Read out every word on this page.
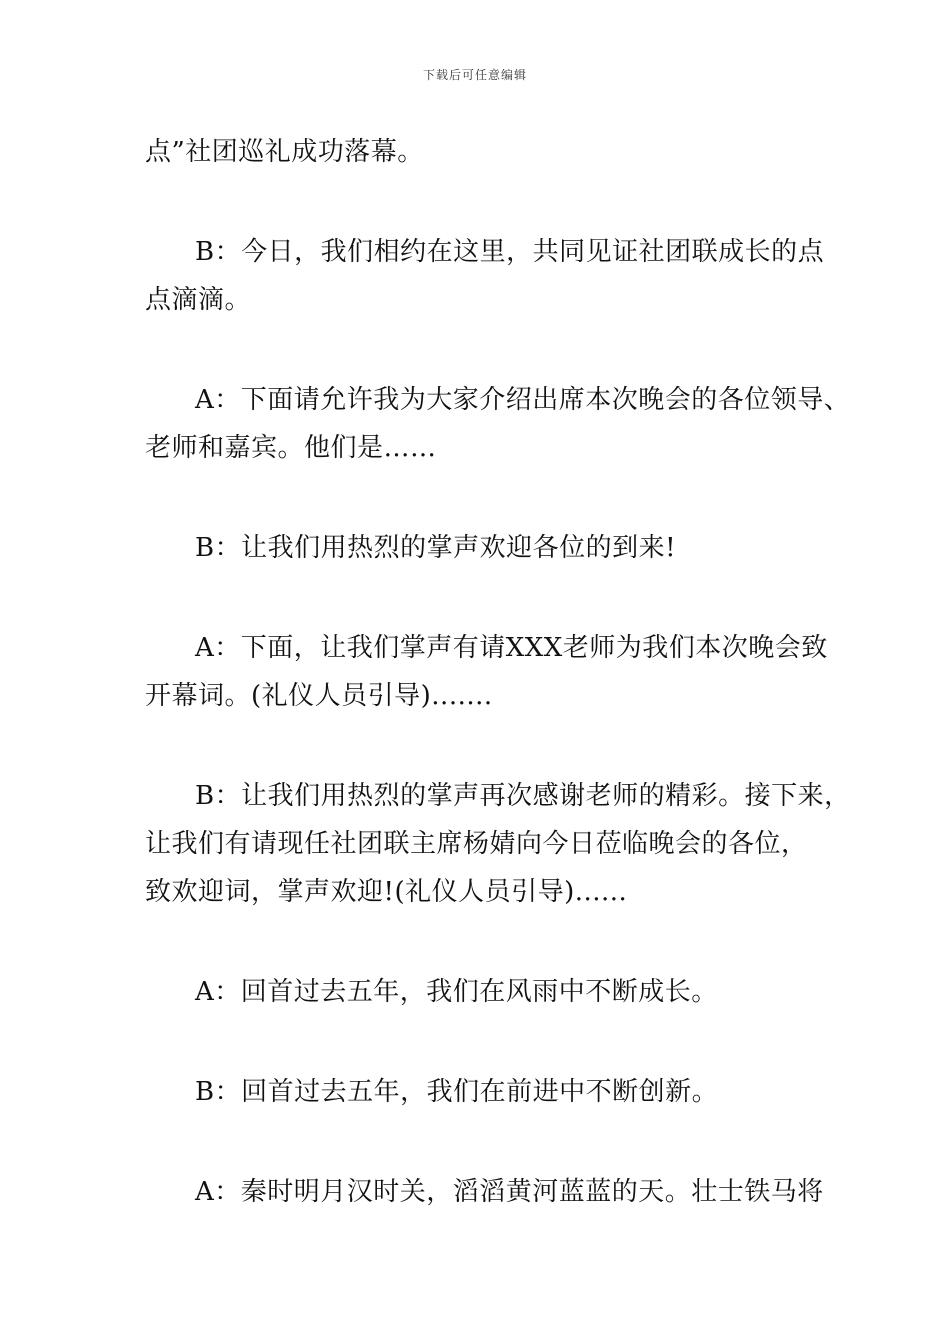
下载后可任意编辑
点”社团巡礼成功落幕。
B：今日，我们相约在这里，共同见证社团联成长的点
点滴滴。
A：下面请允许我为大家介绍出席本次晚会的各位领导、
老师和嘉宾。他们是……
B：让我们用热烈的掌声欢迎各位的到来!
A：下面，让我们掌声有请XXX老师为我们本次晚会致
开幕词。(礼仪人员引导).......
B：让我们用热烈的掌声再次感谢老师的精彩。接下来，
让我们有请现任社团联主席杨婧向今日莅临晚会的各位，
致欢迎词，掌声欢迎!(礼仪人员引导)......
A：回首过去五年，我们在风雨中不断成长。
B：回首过去五年，我们在前进中不断创新。
A：秦时明月汉时关，滔滔黄河蓝蓝的天。壮士铁马将
